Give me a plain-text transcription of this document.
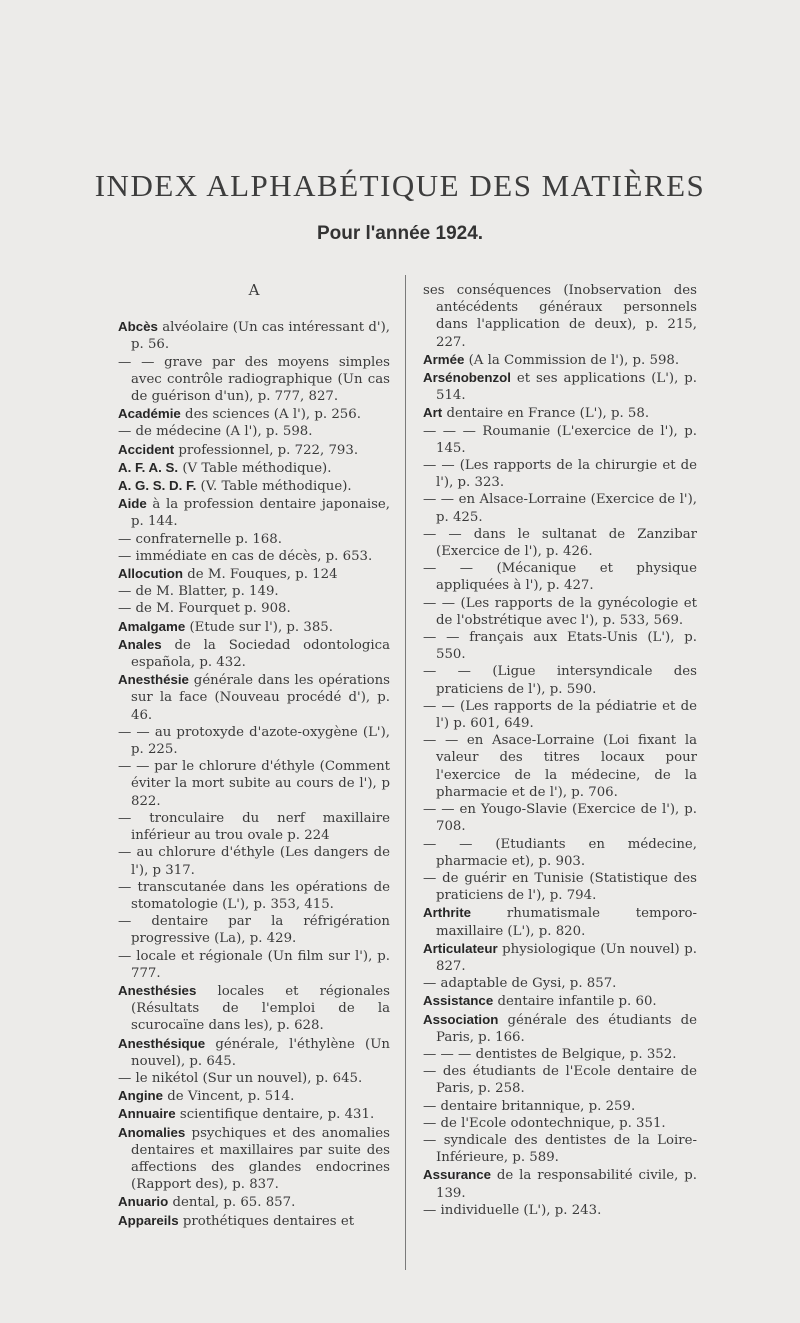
INDEX ALPHABÉTIQUE DES MATIÈRES
Pour l'année 1924.
A

Abcès alvéolaire (Un cas intéressant d'), p. 56.

— — grave par des moyens simples avec contrôle radiographique (Un cas de guérison d'un), p. 777, 827.

Académie des sciences (A l'), p. 256.

— de médecine (A l'), p. 598.

Accident professionnel, p. 722, 793.

A. F. A. S. (V Table méthodique).

A. G. S. D. F. (V. Table méthodique).

Aide à la profession dentaire japonaise, p. 144.

— confraternelle p. 168.

— immédiate en cas de décès, p. 653.

Allocution de M. Fouques, p. 124

— de M. Blatter, p. 149.

— de M. Fourquet p. 908.

Amalgame (Etude sur l'), p. 385.

Anales de la Sociedad odontologica española, p. 432.

Anesthésie générale dans les opérations sur la face (Nouveau procédé d'), p. 46.

— — au protoxyde d'azote-oxygène (L'), p. 225.

— — par le chlorure d'éthyle (Comment éviter la mort subite au cours de l'), p 822.

— tronculaire du nerf maxillaire inférieur au trou ovale p. 224

— au chlorure d'éthyle (Les dangers de l'), p 317.

— transcutanée dans les opérations de stomatologie (L'), p. 353, 415.

— dentaire par la réfrigération progressive (La), p. 429.

— locale et régionale (Un film sur l'), p. 777.

Anesthésies locales et régionales (Résultats de l'emploi de la scurocaïne dans les), p. 628.

Anesthésique générale, l'éthylène (Un nouvel), p. 645.

— le nikétol (Sur un nouvel), p. 645.

Angine de Vincent, p. 514.

Annuaire scientifique dentaire, p. 431.

Anomalies psychiques et des anomalies dentaires et maxillaires par suite des affections des glandes endocrines (Rapport des), p. 837.

Anuario dental, p. 65. 857.

Appareils prothétiques dentaires et

ses conséquences (Inobservation des antécédents généraux personnels dans l'application de deux), p. 215, 227.

Armée (A la Commission de l'), p. 598.

Arsénobenzol et ses applications (L'), p. 514.

Art dentaire en France (L'), p. 58.

— — — Roumanie (L'exercice de l'), p. 145.

— — (Les rapports de la chirurgie et de l'), p. 323.

— — en Alsace-Lorraine (Exercice de l'), p. 425.

— — dans le sultanat de Zanzibar (Exercice de l'), p. 426.

— — (Mécanique et physique appliquées à l'), p. 427.

— — (Les rapports de la gynécologie et de l'obstrétique avec l'), p. 533, 569.

— — français aux Etats-Unis (L'), p. 550.

— — (Ligue intersyndicale des praticiens de l'), p. 590.

— — (Les rapports de la pédiatrie et de l') p. 601, 649.

— — en Asace-Lorraine (Loi fixant la valeur des titres locaux pour l'exercice de la médecine, de la pharmacie et de l'), p. 706.

— — en Yougo-Slavie (Exercice de l'), p. 708.

— — (Etudiants en médecine, pharmacie et), p. 903.

— de guérir en Tunisie (Statistique des praticiens de l'), p. 794.

Arthrite rhumatismale temporo-maxillaire (L'), p. 820.

Articulateur physiologique (Un nouvel) p. 827.

— adaptable de Gysi, p. 857.

Assistance dentaire infantile p. 60.

Association générale des étudiants de Paris, p. 166.

— — — dentistes de Belgique, p. 352.

— des étudiants de l'Ecole dentaire de Paris, p. 258.

— dentaire britannique, p. 259.

— de l'Ecole odontechnique, p. 351.

— syndicale des dentistes de la Loire-Inférieure, p. 589.

Assurance de la responsabilité civile, p. 139.

— individuelle (L'), p. 243.
